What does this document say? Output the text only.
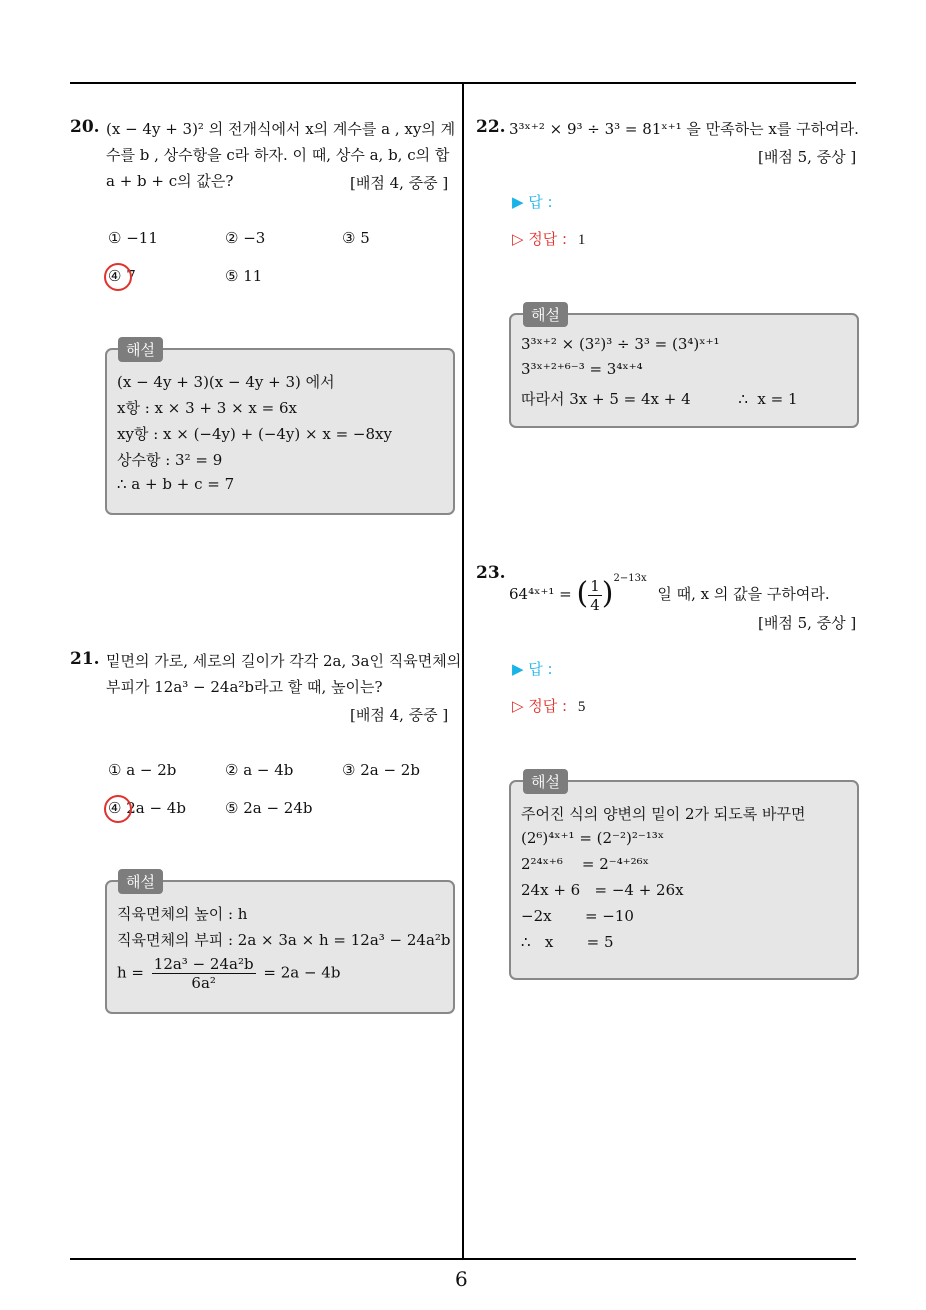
6
20. (x − 4y + 3)² 의 전개식에서 x의 계수를 a , xy의 계
수를 b , 상수항을 c라 하자. 이 때, 상수 a, b, c의 합
a + b + c의 값은?	[배점 4, 중중 ]
① −11	② −3	③ 5
④ 7	⑤ 11
해설
(x − 4y + 3)(x − 4y + 3) 에서
x항 : x × 3 + 3 × x = 6x
xy항 : x × (−4y) + (−4y) × x = −8xy
상수항 : 3² = 9
∴ a + b + c = 7
21. 밑면의 가로, 세로의 길이가 각각 2a, 3a인 직육면체의
부피가 12a³ − 24a²b라고 할 때, 높이는?
[배점 4, 중중 ]
① a − 2b	② a − 4b	③ 2a − 2b
④ 2a − 4b	⑤ 2a − 24b
해설
직육면체의 높이 : h
직육면체의 부피 : 2a × 3a × h = 12a³ − 24a²b
$h = \frac{\text{12a³ − 24a²b}}{\text{6a²}} = 2a - 4b$
22. 3³ˣ⁺² × 9³ ÷ 3³ = 81ˣ⁺¹ 을 만족하는 x를 구하여라.
[배점 5, 중상 ]
▶ 답 :
▷ 정답 : 1
해설
3³ˣ⁺² × (3²)³ ÷ 3³ = (3⁴)ˣ⁺¹
3³ˣ⁺²⁺⁶⁻³ = 3⁴ˣ⁺⁴
따라서 3x + 5 = 4x + 4          ∴  x = 1
23.
64⁴ˣ⁺¹ = ( $\frac{1}{4} )^{2-13x}$ 일 때, x 의 값을 구하여라.
[배점 5, 중상 ]
▶ 답 :
▷ 정답 : 5
해설
주어진 식의 양변의 밑이 2가 되도록 바꾸면
(2⁶)⁴ˣ⁺¹ = (2⁻²)²⁻¹³ˣ
2²⁴ˣ⁺⁶    = 2⁻⁴⁺²⁶ˣ
24x + 6   = −4 + 26x
−2x       = −10
∴   x       = 5
